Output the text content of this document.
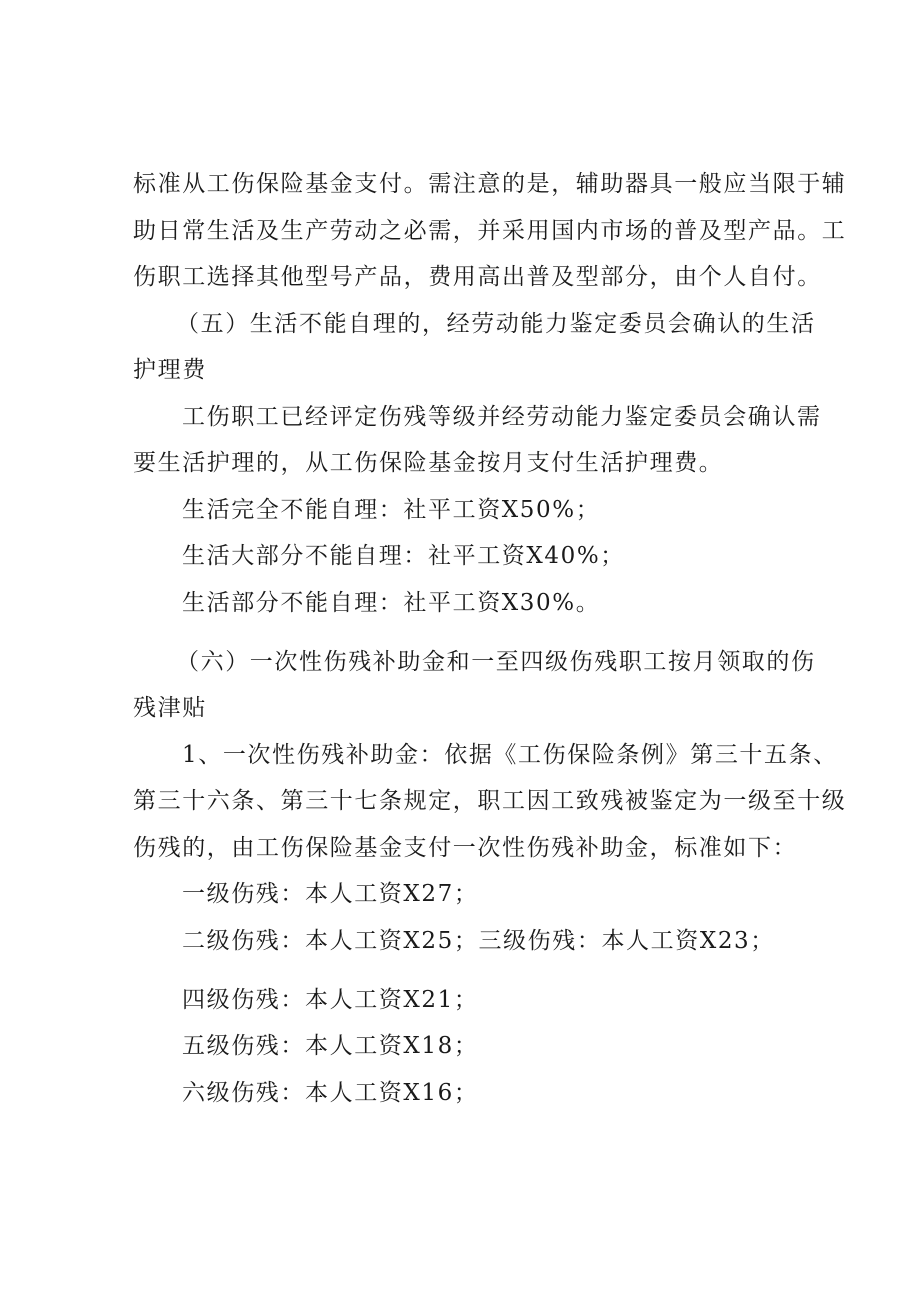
标准从工伤保险基金支付。需注意的是，辅助器具一般应当限于辅
助日常生活及生产劳动之必需，并采用国内市场的普及型产品。工
伤职工选择其他型号产品，费用高出普及型部分，由个人自付。
（五）生活不能自理的，经劳动能力鉴定委员会确认的生活
护理费
工伤职工已经评定伤残等级并经劳动能力鉴定委员会确认需
要生活护理的，从工伤保险基金按月支付生活护理费。
生活完全不能自理：社平工资X50%；
生活大部分不能自理：社平工资X40%；
生活部分不能自理：社平工资X30%。
（六）一次性伤残补助金和一至四级伤残职工按月领取的伤
残津贴
1、一次性伤残补助金：依据《工伤保险条例》第三十五条、
第三十六条、第三十七条规定，职工因工致残被鉴定为一级至十级
伤残的，由工伤保险基金支付一次性伤残补助金，标准如下：
一级伤残：本人工资X27；
二级伤残：本人工资X25；三级伤残：本人工资X23；
四级伤残：本人工资X21；
五级伤残：本人工资X18；
六级伤残：本人工资X16；
